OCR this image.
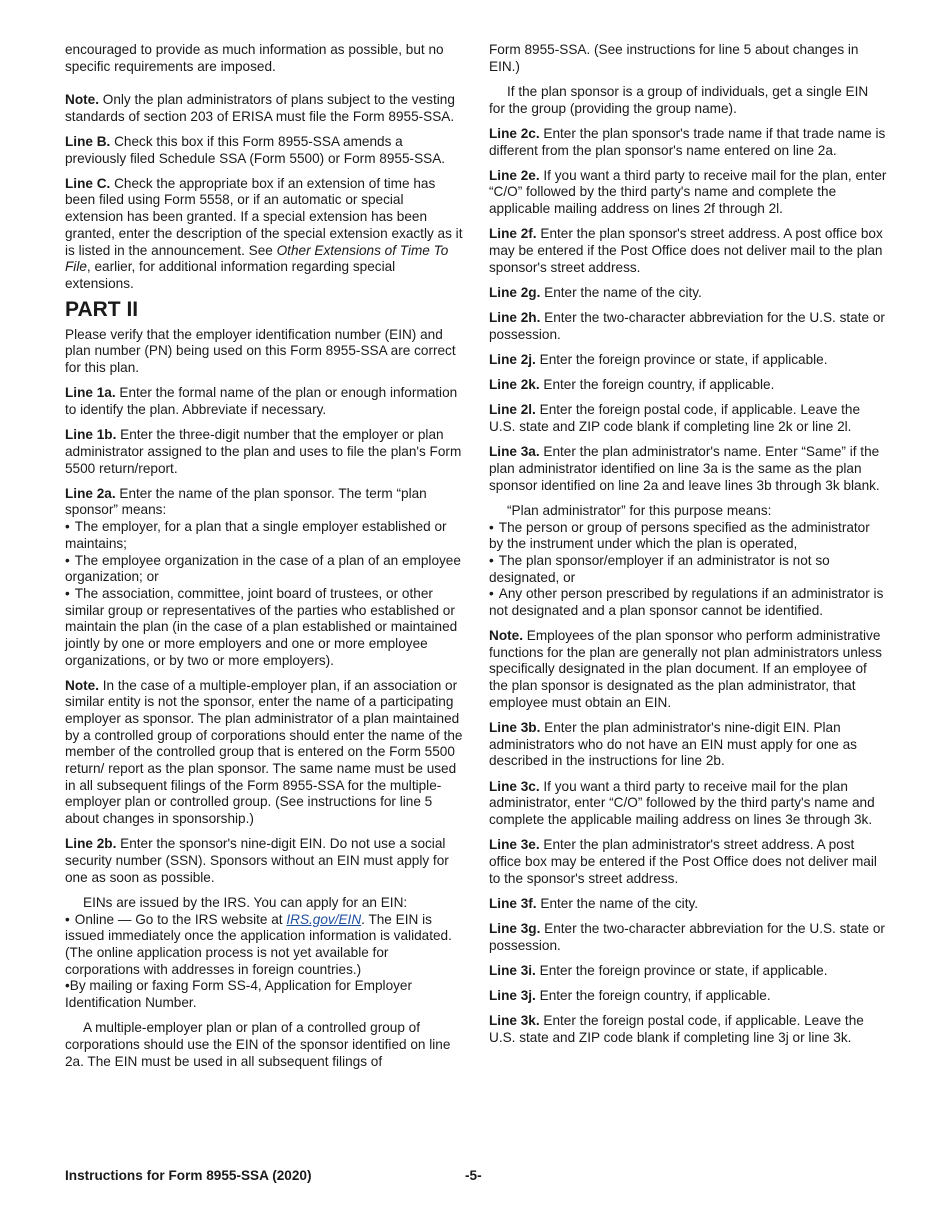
encouraged to provide as much information as possible, but no specific requirements are imposed.

Note. Only the plan administrators of plans subject to the vesting standards of section 203 of ERISA must file the Form 8955-SSA.

Line B. Check this box if this Form 8955-SSA amends a previously filed Schedule SSA (Form 5500) or Form 8955-SSA.

Line C. Check the appropriate box if an extension of time has been filed using Form 5558, or if an automatic or special extension has been granted. If a special extension has been granted, enter the description of the special extension exactly as it is listed in the announcement. See Other Extensions of Time To File, earlier, for additional information regarding special extensions.

PART II

Please verify that the employer identification number (EIN) and plan number (PN) being used on this Form 8955-SSA are correct for this plan.

Line 1a. Enter the formal name of the plan or enough information to identify the plan. Abbreviate if necessary.

Line 1b. Enter the three-digit number that the employer or plan administrator assigned to the plan and uses to file the plan's Form 5500 return/report.

Line 2a. Enter the name of the plan sponsor. The term “plan sponsor” means:

• The employer, for a plan that a single employer established or maintains;

• The employee organization in the case of a plan of an employee organization; or

• The association, committee, joint board of trustees, or other similar group or representatives of the parties who established or maintain the plan (in the case of a plan established or maintained jointly by one or more employers and one or more employee organizations, or by two or more employers).

Note. In the case of a multiple-employer plan, if an association or similar entity is not the sponsor, enter the name of a participating employer as sponsor. The plan administrator of a plan maintained by a controlled group of corporations should enter the name of the member of the controlled group that is entered on the Form 5500 return/ report as the plan sponsor. The same name must be used in all subsequent filings of the Form 8955-SSA for the multiple-employer plan or controlled group. (See instructions for line 5 about changes in sponsorship.)

Line 2b. Enter the sponsor's nine-digit EIN. Do not use a social security number (SSN). Sponsors without an EIN must apply for one as soon as possible.

EINs are issued by the IRS. You can apply for an EIN:

• Online — Go to the IRS website at IRS.gov/EIN. The EIN is issued immediately once the application information is validated. (The online application process is not yet available for corporations with addresses in foreign countries.)

•By mailing or faxing Form SS-4, Application for Employer Identification Number.

A multiple-employer plan or plan of a controlled group of corporations should use the EIN of the sponsor identified on line 2a. The EIN must be used in all subsequent filings of

Form 8955-SSA. (See instructions for line 5 about changes in EIN.)

If the plan sponsor is a group of individuals, get a single EIN for the group (providing the group name).

Line 2c. Enter the plan sponsor's trade name if that trade name is different from the plan sponsor's name entered on line 2a.

Line 2e. If you want a third party to receive mail for the plan, enter “C/O” followed by the third party's name and complete the applicable mailing address on lines 2f through 2l.

Line 2f. Enter the plan sponsor's street address. A post office box may be entered if the Post Office does not deliver mail to the plan sponsor's street address.

Line 2g. Enter the name of the city.

Line 2h. Enter the two-character abbreviation for the U.S. state or possession.

Line 2j. Enter the foreign province or state, if applicable.

Line 2k. Enter the foreign country, if applicable.

Line 2l. Enter the foreign postal code, if applicable. Leave the U.S. state and ZIP code blank if completing line 2k or line 2l.

Line 3a. Enter the plan administrator's name. Enter “Same” if the plan administrator identified on line 3a is the same as the plan sponsor identified on line 2a and leave lines 3b through 3k blank.

“Plan administrator” for this purpose means:

• The person or group of persons specified as the administrator by the instrument under which the plan is operated,

• The plan sponsor/employer if an administrator is not so designated, or

• Any other person prescribed by regulations if an administrator is not designated and a plan sponsor cannot be identified.

Note. Employees of the plan sponsor who perform administrative functions for the plan are generally not plan administrators unless specifically designated in the plan document. If an employee of the plan sponsor is designated as the plan administrator, that employee must obtain an EIN.

Line 3b. Enter the plan administrator's nine-digit EIN. Plan administrators who do not have an EIN must apply for one as described in the instructions for line 2b.

Line 3c. If you want a third party to receive mail for the plan administrator, enter “C/O” followed by the third party's name and complete the applicable mailing address on lines 3e through 3k.

Line 3e. Enter the plan administrator's street address. A post office box may be entered if the Post Office does not deliver mail to the sponsor's street address.

Line 3f. Enter the name of the city.

Line 3g. Enter the two-character abbreviation for the U.S. state or possession.

Line 3i. Enter the foreign province or state, if applicable.

Line 3j. Enter the foreign country, if applicable.

Line 3k. Enter the foreign postal code, if applicable. Leave the U.S. state and ZIP code blank if completing line 3j or line 3k.

Instructions for Form 8955-SSA (2020)	-5-
